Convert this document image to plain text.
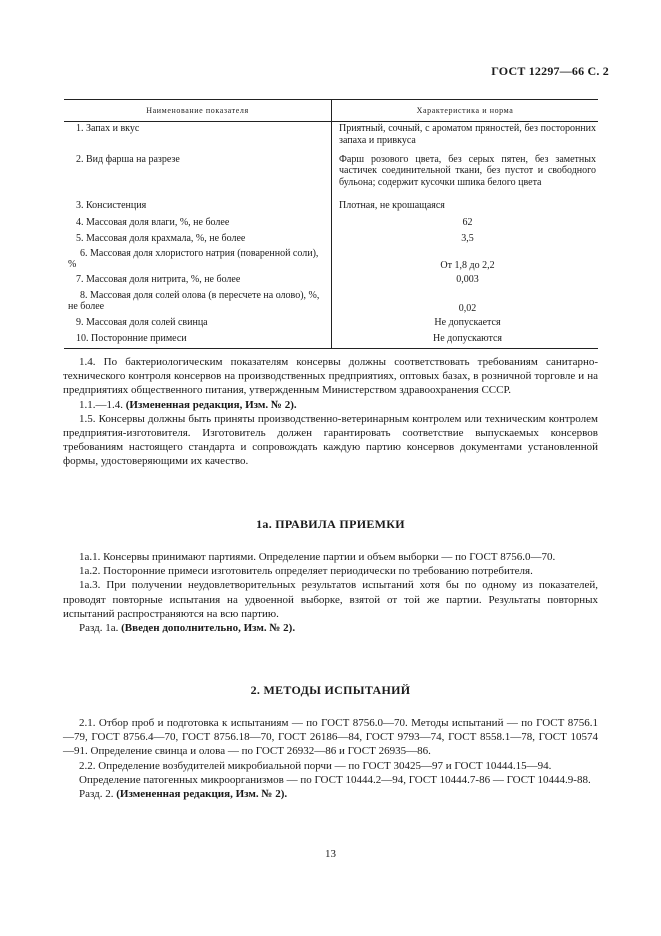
ГОСТ 12297—66 С. 2
Наименование показателя	Характеристика и норма
1. Запах и вкус	Приятный, сочный, с ароматом пряностей, без посторонних запаха и привкуса
2. Вид фарша на разрезе	Фарш розового цвета, без серых пятен, без заметных частичек соединительной ткани, без пустот и свободного бульона; содержит кусочки шпика белого цвета
3. Консистенция	Плотная, не крошащаяся
4. Массовая доля влаги, %, не более	62
5. Массовая доля крахмала, %, не более	3,5
6. Массовая доля хлористого натрия (поваренной соли), %	От 1,8 до 2,2
7. Массовая доля нитрита, %, не более	0,003
8. Массовая доля солей олова (в пересчете на олово), %, не более	0,02
9. Массовая доля солей свинца	Не допускается
10. Посторонние примеси	Не допускаются

1.4. По бактериологическим показателям консервы должны соответствовать требованиям санитарно-технического контроля консервов на производственных предприятиях, оптовых базах, в розничной торговле и на предприятиях общественного питания, утвержденным Министерством здравоохранения СССР.

1.1.—1.4. (Измененная редакция, Изм. № 2).

1.5. Консервы должны быть приняты производственно-ветеринарным контролем или техническим контролем предприятия-изготовителя. Изготовитель должен гарантировать соответствие выпускаемых консервов требованиям настоящего стандарта и сопровождать каждую партию консервов документами установленной формы, удостоверяющими их качество.

1а. ПРАВИЛА ПРИЕМКИ

1а.1. Консервы принимают партиями. Определение партии и объем выборки — по ГОСТ 8756.0—70.

1а.2. Посторонние примеси изготовитель определяет периодически по требованию потребителя.

1а.3. При получении неудовлетворительных результатов испытаний хотя бы по одному из показателей, проводят повторные испытания на удвоенной выборке, взятой от той же партии. Результаты повторных испытаний распространяются на всю партию.

Разд. 1а. (Введен дополнительно, Изм. № 2).

2. МЕТОДЫ ИСПЫТАНИЙ

2.1. Отбор проб и подготовка к испытаниям — по ГОСТ 8756.0—70. Методы испытаний — по ГОСТ 8756.1—79, ГОСТ 8756.4—70, ГОСТ 8756.18—70, ГОСТ 26186—84, ГОСТ 9793—74, ГОСТ 8558.1—78, ГОСТ 10574—91. Определение свинца и олова — по ГОСТ 26932—86 и ГОСТ 26935—86.

2.2. Определение возбудителей микробиальной порчи — по ГОСТ 30425—97 и ГОСТ 10444.15—94.

Определение патогенных микроорганизмов — по ГОСТ 10444.2—94, ГОСТ 10444.7-86 — ГОСТ 10444.9-88.

Разд. 2. (Измененная редакция, Изм. № 2).

13
